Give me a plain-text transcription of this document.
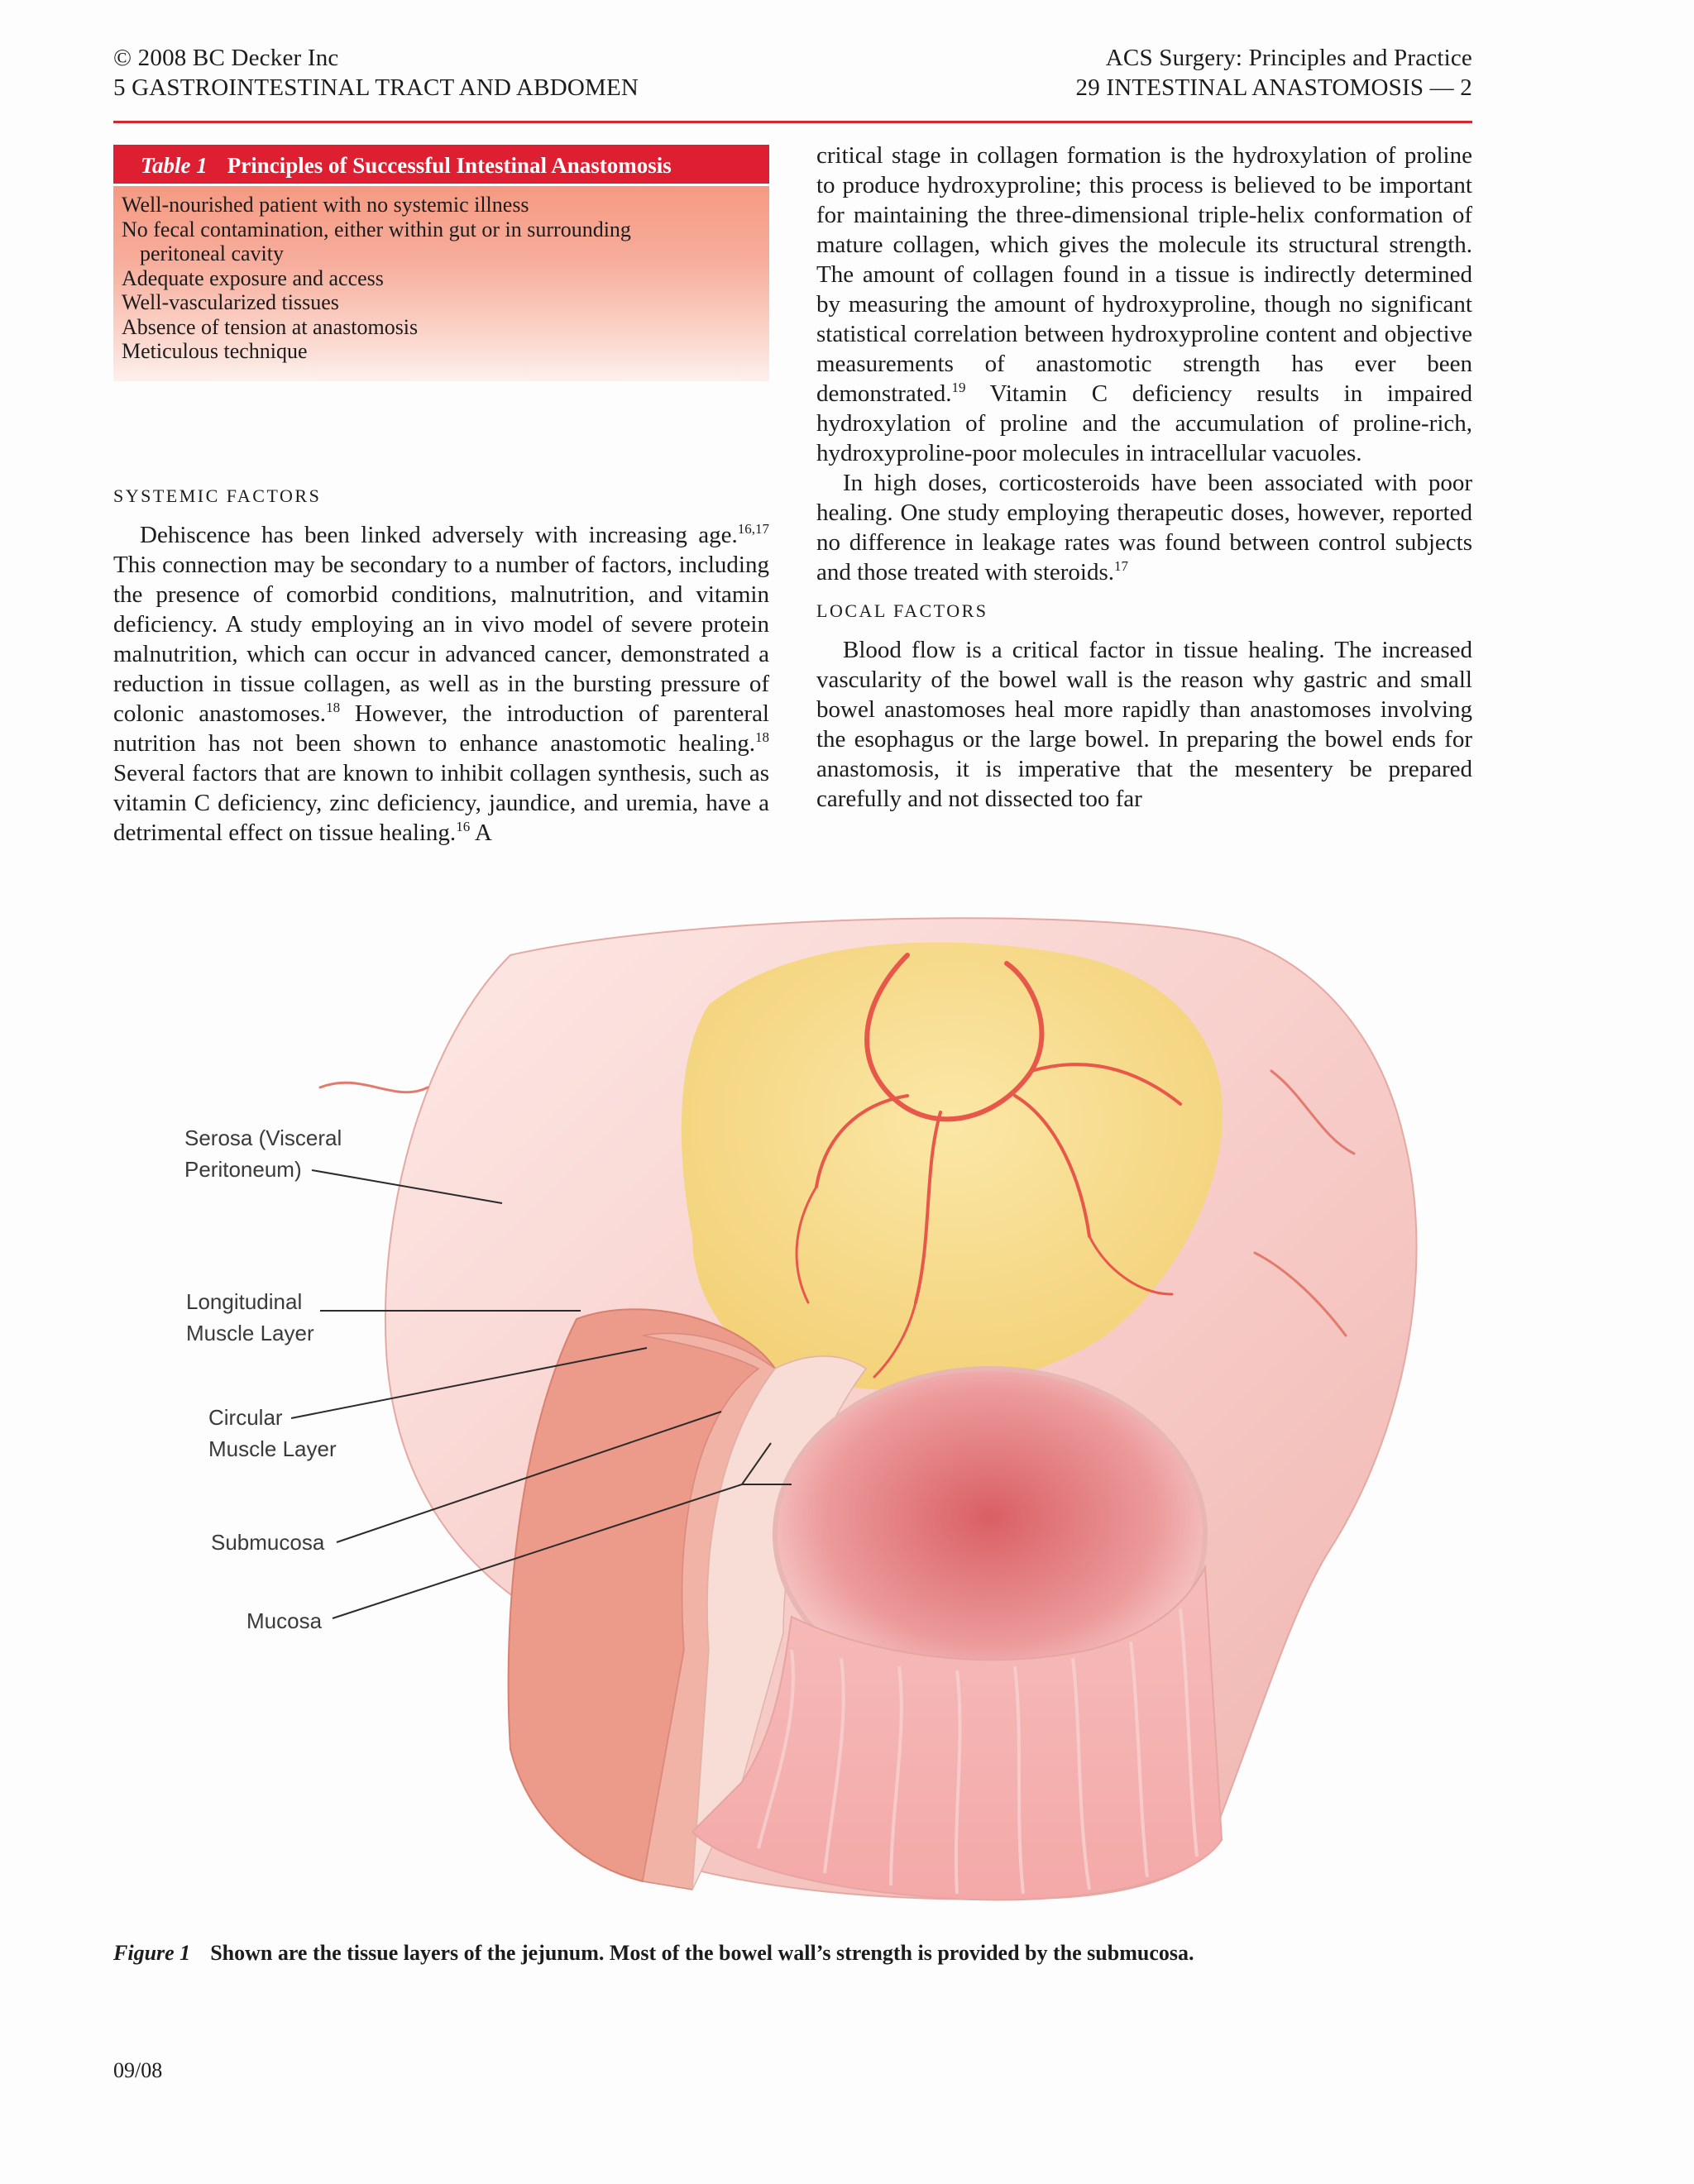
© 2008 BC Decker Inc
5 GASTROINTESTINAL TRACT AND ABDOMEN
ACS Surgery: Principles and Practice
29 INTESTINAL ANASTOMOSIS — 2
Table 1 Principles of Successful Intestinal Anastomosis
Well-nourished patient with no systemic illness
No fecal contamination, either within gut or in surrounding
peritoneal cavity
Adequate exposure and access
Well-vascularized tissues
Absence of tension at anastomosis
Meticulous technique
SYSTEMIC FACTORS

Dehiscence has been linked adversely with increasing age.$^{16,17}$ This connection may be secondary to a number of factors, including the presence of comorbid conditions, malnutrition, and vitamin deficiency. A study employing an in vivo model of severe protein malnutrition, which can occur in advanced cancer, demonstrated a reduction in tissue collagen, as well as in the bursting pressure of colonic anastomoses.$^{18}$ However, the introduction of parenteral nutrition has not been shown to enhance anastomotic healing.$^{18}$ Several factors that are known to inhibit collagen synthesis, such as vitamin C deficiency, zinc deficiency, jaundice, and uremia, have a detrimental effect on tissue healing.$^{16}$ A

critical stage in collagen formation is the hydroxylation of proline to produce hydroxyproline; this process is believed to be important for maintaining the three-dimensional triple-helix conformation of mature collagen, which gives the molecule its structural strength. The amount of collagen found in a tissue is indirectly determined by measuring the amount of hydroxyproline, though no significant statistical correlation between hydroxyproline content and objective measurements of anastomotic strength has ever been demonstrated.$^{19}$ Vitamin C deficiency results in impaired hydroxylation of proline and the accumulation of proline-rich, hydroxyproline-poor molecules in intracellular vacuoles.

In high doses, corticosteroids have been associated with poor healing. One study employing therapeutic doses, however, reported no difference in leakage rates was found between control subjects and those treated with steroids.$^{17}$

LOCAL FACTORS

Blood flow is a critical factor in tissue healing. The increased vascularity of the bowel wall is the reason why gastric and small bowel anastomoses heal more rapidly than anastomoses involving the esophagus or the large bowel. In preparing the bowel ends for anastomosis, it is imperative that the mesentery be prepared carefully and not dissected too far

Serosa (Visceral
Peritoneum)
Longitudinal
Muscle Layer
Circular
Muscle Layer
Submucosa
Mucosa
Figure 1 Shown are the tissue layers of the jejunum. Most of the bowel wall’s strength is provided by the submucosa.
09/08
